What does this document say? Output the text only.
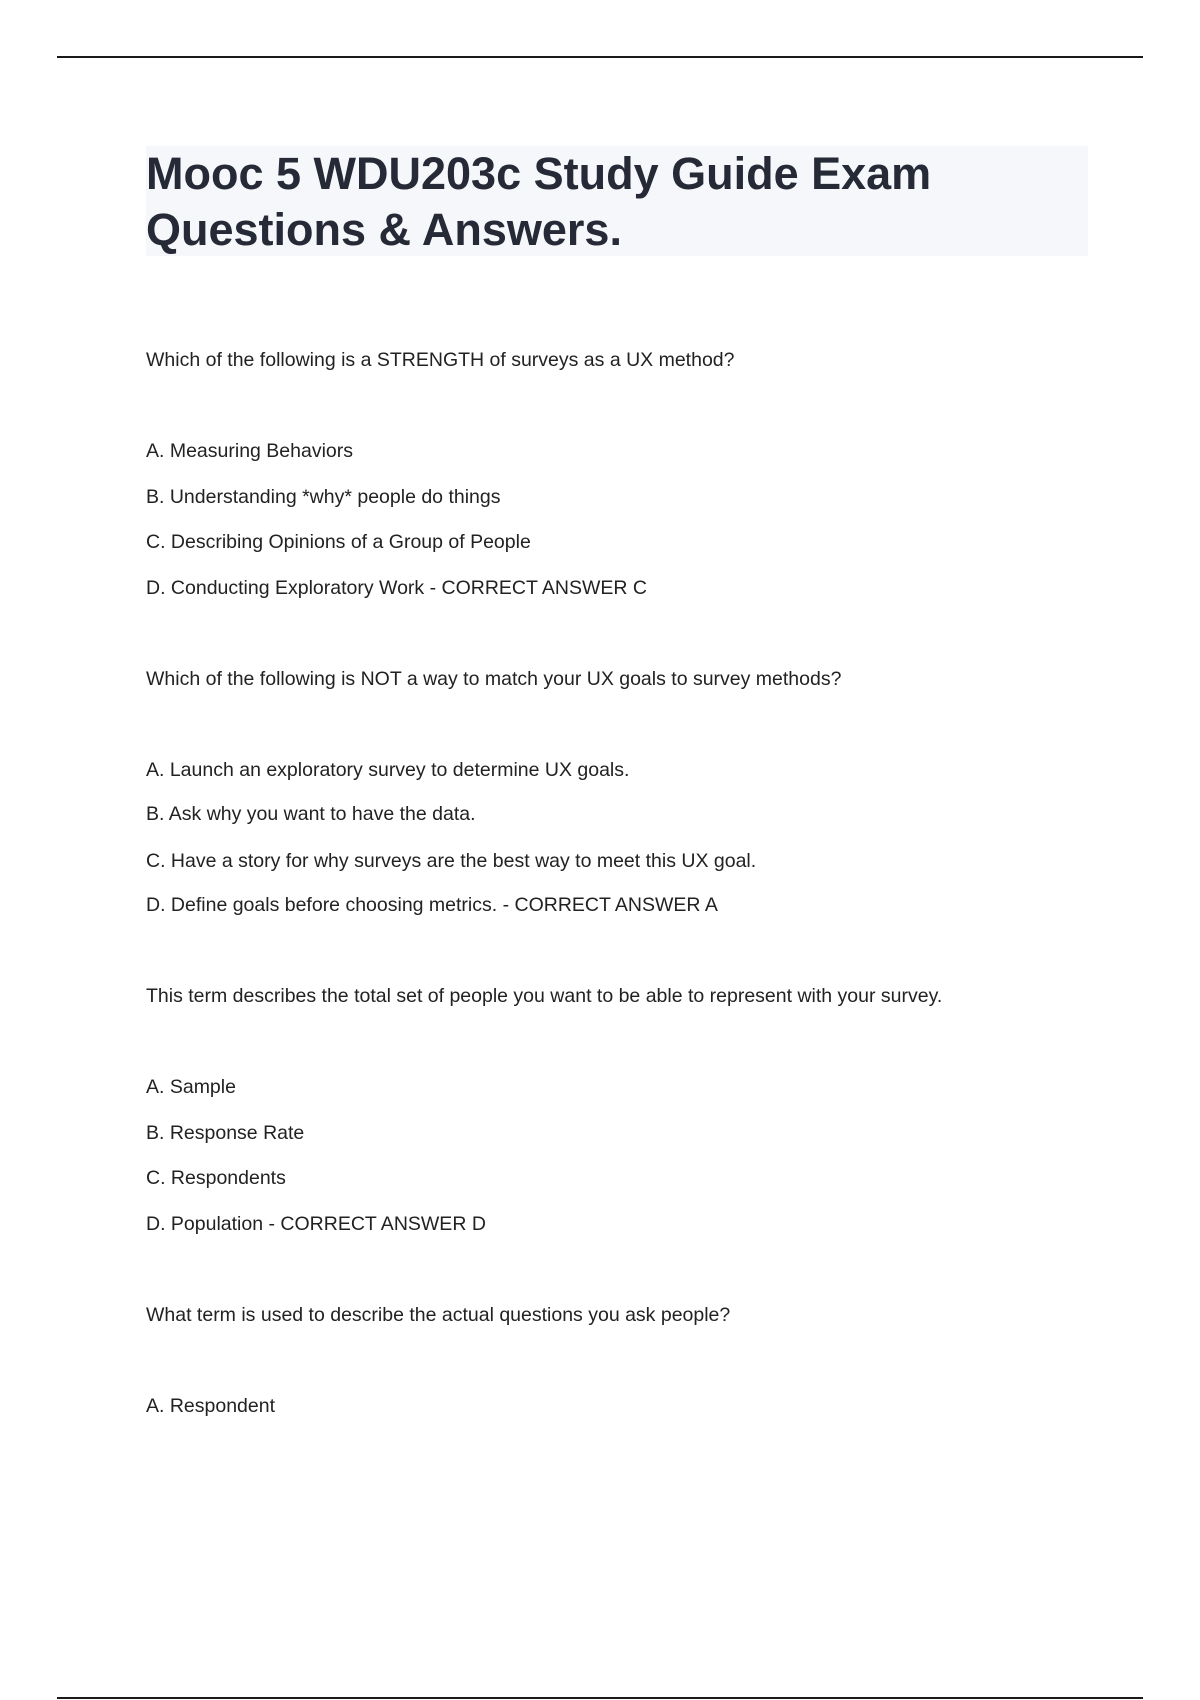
Mooc 5 WDU203c Study Guide Exam Questions & Answers.
Which of the following is a STRENGTH of surveys as a UX method?
A. Measuring Behaviors
B. Understanding *why* people do things
C. Describing Opinions of a Group of People
D. Conducting Exploratory Work - CORRECT ANSWER C
Which of the following is NOT a way to match your UX goals to survey methods?
A. Launch an exploratory survey to determine UX goals.
B. Ask why you want to have the data.
C. Have a story for why surveys are the best way to meet this UX goal.
D. Define goals before choosing metrics. - CORRECT ANSWER A
This term describes the total set of people you want to be able to represent with your survey.
A. Sample
B. Response Rate
C. Respondents
D. Population - CORRECT ANSWER D
What term is used to describe the actual questions you ask people?
A. Respondent
